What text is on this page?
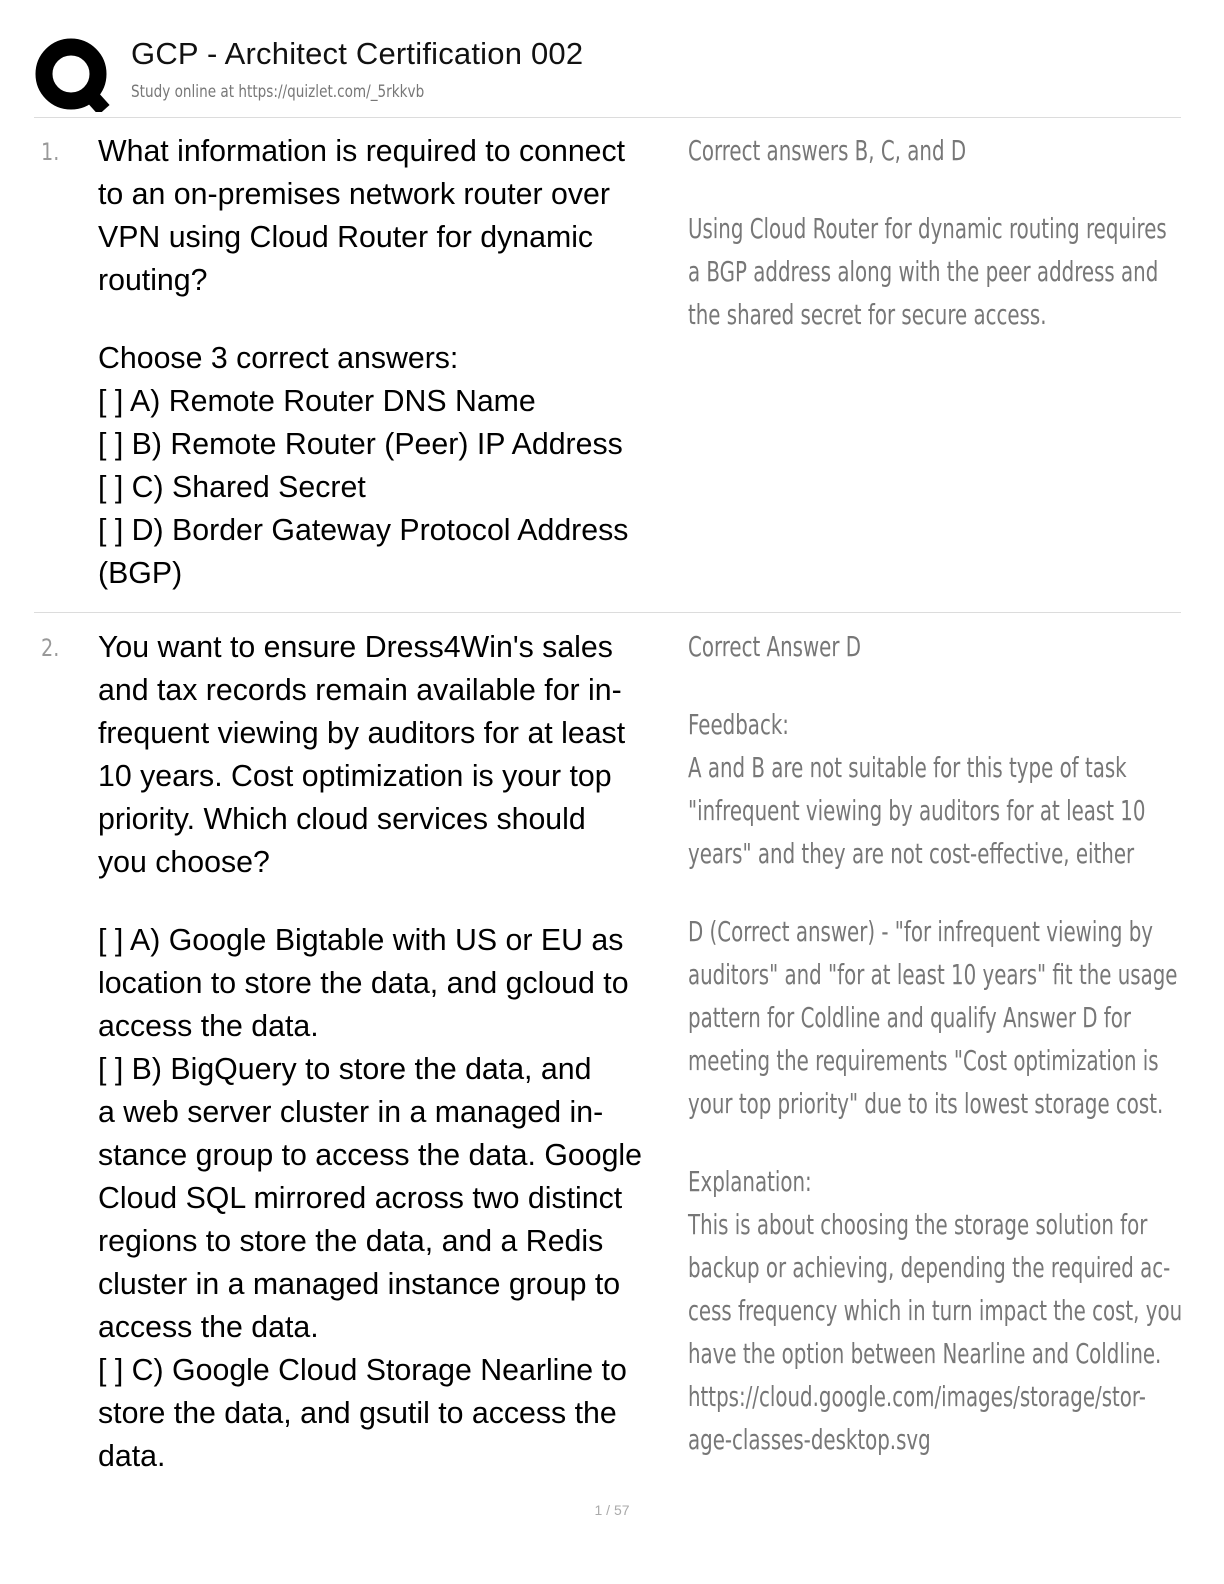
GCP - Architect Certification 002
Study online at https://quizlet.com/_5rkkvb
1. What information is required to connect

to an on-premises network router over

VPN using Cloud Router for dynamic

routing?

Choose 3 correct answers:

[ ] A) Remote Router DNS Name

[ ] B) Remote Router (Peer) IP Address

[ ] C) Shared Secret

[ ] D) Border Gateway Protocol Address

(BGP)

Correct answers B, C, and D

Using Cloud Router for dynamic routing requires

a BGP address along with the peer address and

the shared secret for secure access.

2. You want to ensure Dress4Win's sales

and tax records remain available for in-

frequent viewing by auditors for at least

10 years. Cost optimization is your top

priority. Which cloud services should

you choose?

[ ] A) Google Bigtable with US or EU as

location to store the data, and gcloud to

access the data.

[ ] B) BigQuery to store the data, and

a web server cluster in a managed in-

stance group to access the data. Google

Cloud SQL mirrored across two distinct

regions to store the data, and a Redis

cluster in a managed instance group to

access the data.

[ ] C) Google Cloud Storage Nearline to

store the data, and gsutil to access the

data.

Correct Answer D

Feedback:

A and B are not suitable for this type of task

"infrequent viewing by auditors for at least 10

years" and they are not cost-effective, either

D (Correct answer) - "for infrequent viewing by

auditors" and "for at least 10 years" fit the usage

pattern for Coldline and qualify Answer D for

meeting the requirements "Cost optimization is

your top priority" due to its lowest storage cost.

Explanation:

This is about choosing the storage solution for

backup or achieving, depending the required ac-

cess frequency which in turn impact the cost, you

have the option between Nearline and Coldline.

https://cloud.google.com/images/storage/stor-

age-classes-desktop.svg

1 / 57
